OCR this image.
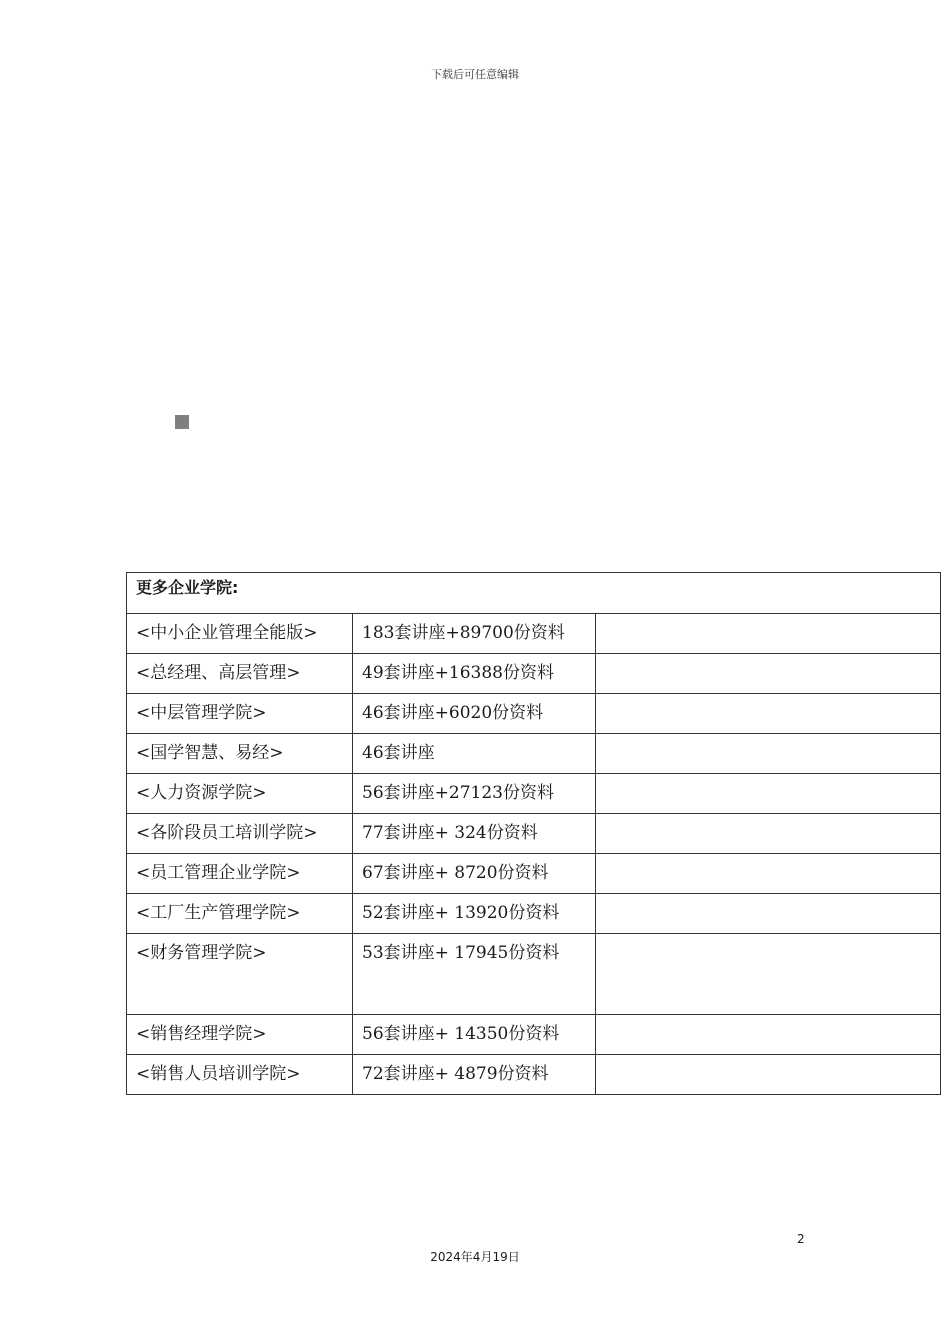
下载后可任意编辑
更多企业学院:		
<中小企业管理全能版>	183套讲座+89700份资料	
<总经理、高层管理>	49套讲座+16388份资料	
<中层管理学院>	46套讲座+6020份资料	
<国学智慧、易经>	46套讲座	
<人力资源学院>	56套讲座+27123份资料	
<各阶段员工培训学院>	77套讲座+ 324份资料	
<员工管理企业学院>	67套讲座+ 8720份资料	
<工厂生产管理学院>	52套讲座+ 13920份资料	
<财务管理学院>	53套讲座+ 17945份资料	
<销售经理学院>	56套讲座+ 14350份资料	
<销售人员培训学院>	72套讲座+ 4879份资料	
2
2024年4月19日
